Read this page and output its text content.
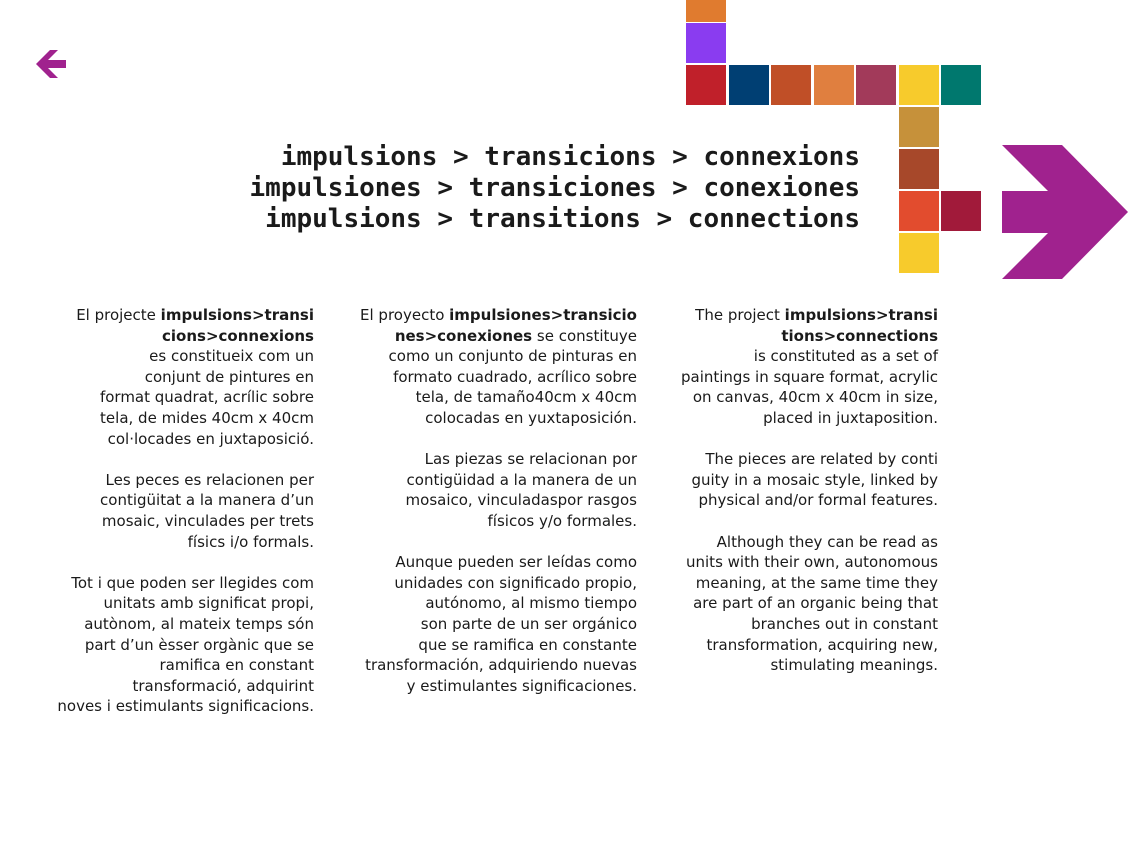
impulsions > transicions > connexions
impulsiones > transiciones > conexiones
impulsions > transitions > connections

El projecte impulsions>transi
cions>connexions
es constitueix com un
conjunt de pintures en
format quadrat, acrílic sobre
tela, de mides 40cm x 40cm
col·locades en juxtaposició.

Les peces es relacionen per
contigüitat a la manera d’un
mosaic, vinculades per trets
físics i/o formals.

Tot i que poden ser llegides com
unitats amb significat propi,
autònom, al mateix temps són
part d’un èsser orgànic que se
ramifica en constant
transformació, adquirint
noves i estimulants significacions.

El proyecto impulsiones>transicio
nes>conexiones se constituye
como un conjunto de pinturas en
formato cuadrado, acrílico sobre
tela, de tamaño40cm x 40cm
colocadas en yuxtaposición.

Las piezas se relacionan por
contigüidad a la manera de un
mosaico, vinculadaspor rasgos
físicos y/o formales.

Aunque pueden ser leídas como
unidades con significado propio,
autónomo, al mismo tiempo
son parte de un ser orgánico
que se ramifica en constante
transformación, adquiriendo nuevas
y estimulantes significaciones.

The project impulsions>transi
tions>connections
is constituted as a set of
paintings in square format, acrylic
on canvas, 40cm x 40cm in size,
placed in juxtaposition.

The pieces are related by conti
guity in a mosaic style, linked by
physical and/or formal features.

Although they can be read as
units with their own, autonomous
meaning, at the same time they
are part of an organic being that
branches out in constant
transformation, acquiring new,
stimulating meanings.
